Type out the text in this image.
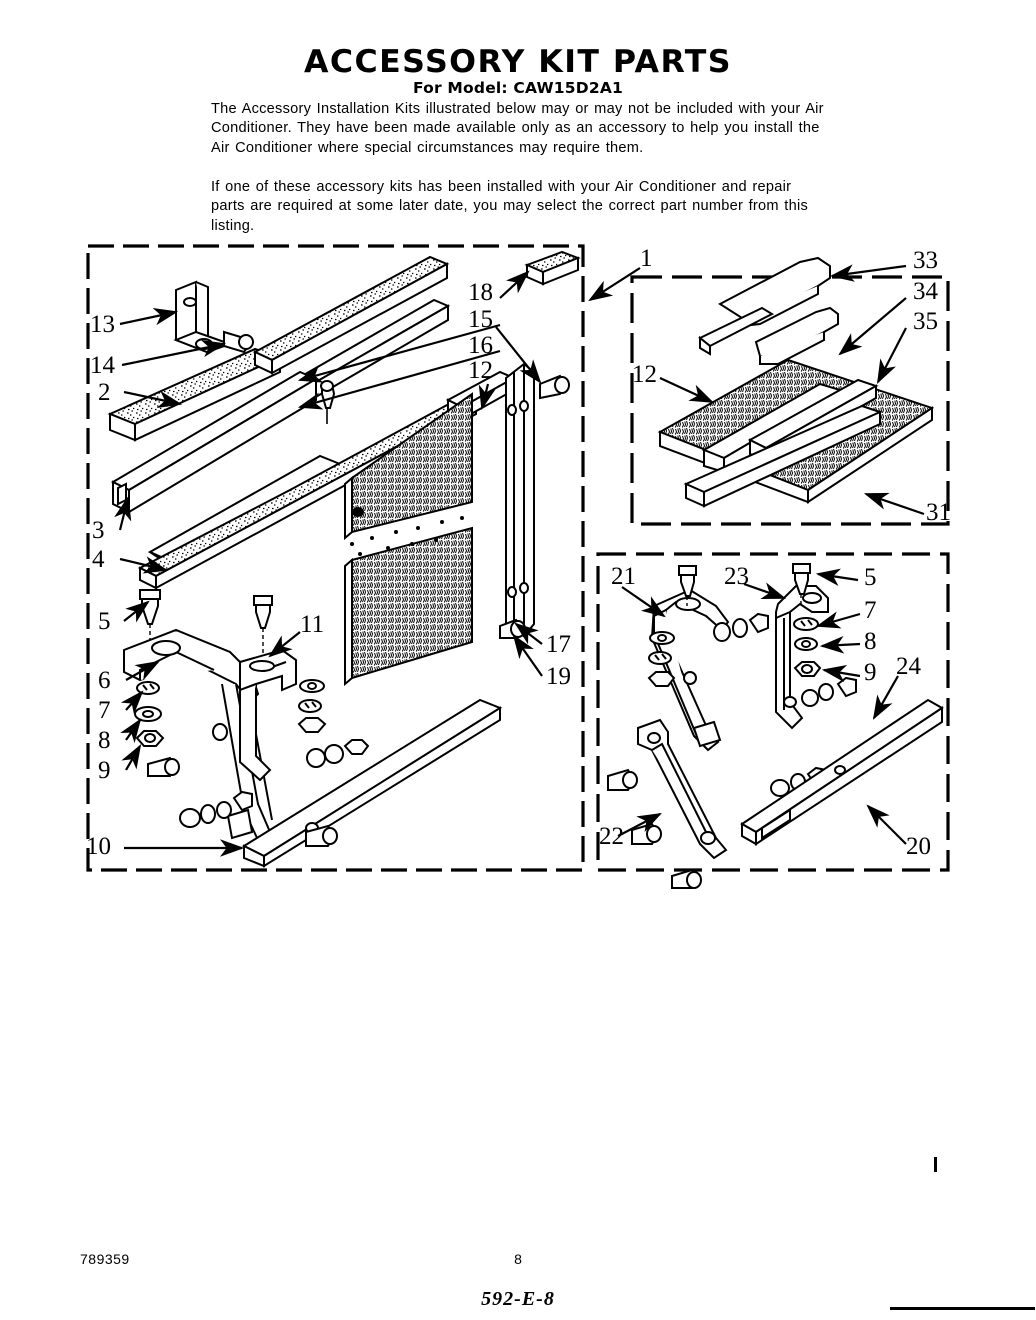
ACCESSORY KIT PARTS
For Model: CAW15D2A1
The Accessory Installation Kits illustrated below may or may not be included with your Air Conditioner. They have been made available only as an accessory to help you install the Air Conditioner where special circumstances may require them.
If one of these accessory kits has been installed with your Air Conditioner and repair parts are required at some later date, you may select the correct part number from this listing.
13
14
2
3
4
5
6
7
8
9
10
11
18
15
16
12
17
19
1	33
34
35
12
31
21	23	5
7
8
9 24
22	20
789359	8
592-E-8
